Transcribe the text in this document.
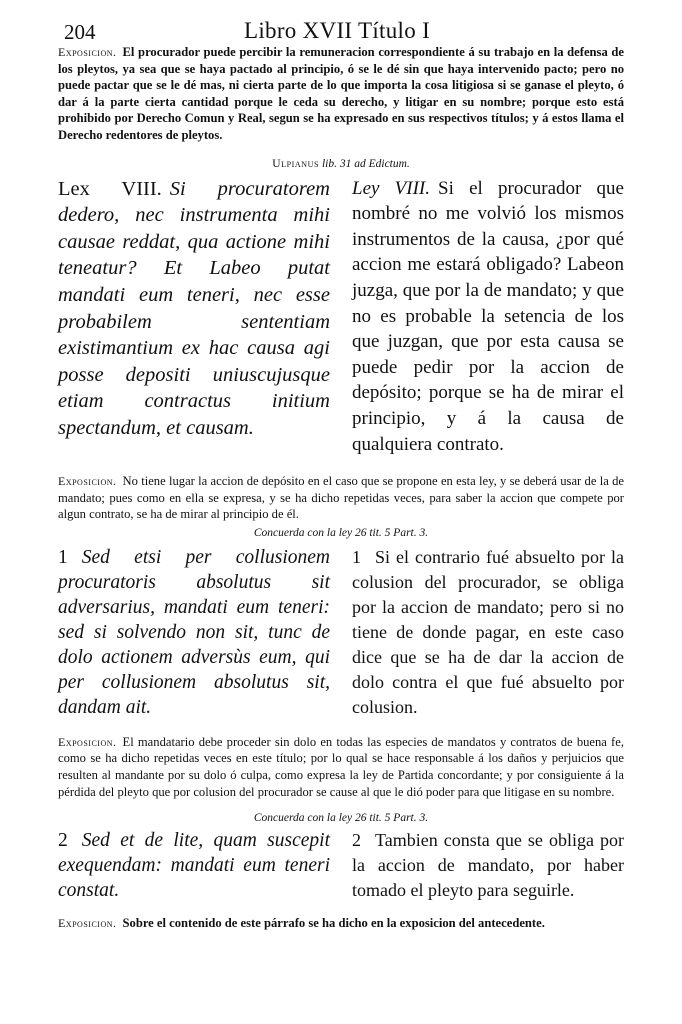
204	Libro XVII Título I

Exposicion. El procurador puede percibir la remuneracion correspondiente á su trabajo en la defensa de los pleytos, ya sea que se haya pactado al principio, ó se le dé sin que haya intervenido pacto; pero no puede pactar que se le dé mas, ni cierta parte de lo que importa la cosa litigiosa si se ganase el pleyto, ó dar á la parte cierta cantidad porque le ceda su derecho, y litigar en su nombre; porque esto está prohibido por Derecho Comun y Real, segun se ha expresado en sus respectivos títulos; y á estos llama el Derecho redentores de pleytos.

Ulpianus lib. 31 ad Edictum.

Lex VIII. Si procuratorem dedero, nec instrumenta mihi causae reddat, qua actione mihi teneatur? Et Labeo putat mandati eum teneri, nec esse probabilem sententiam existimantium ex hac causa agi posse depositi uniuscujusque etiam contractus initium spectandum, et causam.
Ley VIII. Si el procurador que nombré no me volvió los mismos instrumentos de la causa, ¿por qué accion me estará obligado? Labeon juzga, que por la de mandato; y que no es probable la setencia de los que juzgan, que por esta causa se puede pedir por la accion de depósito; porque se ha de mirar el principio, y á la causa de qualquiera contrato.

Exposicion. No tiene lugar la accion de depósito en el caso que se propone en esta ley, y se deberá usar de la de mandato; pues como en ella se expresa, y se ha dicho repetidas veces, para saber la accion que compete por algun contrato, se ha de mirar al principio de él.

Concuerda con la ley 26 tit. 5 Part. 3.

1 Sed etsi per collusionem procuratoris absolutus sit adversarius, mandati eum teneri: sed si solvendo non sit, tunc de dolo actionem adversùs eum, qui per collusionem absolutus sit, dandam ait.
1 Si el contrario fué absuelto por la colusion del procurador, se obliga por la accion de mandato; pero si no tiene de donde pagar, en este caso dice que se ha de dar la accion de dolo contra el que fué absuelto por colusion.

Exposicion. El mandatario debe proceder sin dolo en todas las especies de mandatos y contratos de buena fe, como se ha dicho repetidas veces en este título; por lo qual se hace responsable á los daños y perjuicios que resulten al mandante por su dolo ó culpa, como expresa la ley de Partida concordante; y por consiguiente á la pérdida del pleyto que por colusion del procurador se cause al que le dió poder para que litigase en su nombre.

Concuerda con la ley 26 tit. 5 Part. 3.

2 Sed et de lite, quam suscepit exequendam: mandati eum teneri constat.
2 Tambien consta que se obliga por la accion de mandato, por haber tomado el pleyto para seguirle.

Exposicion. Sobre el contenido de este párrafo se ha dicho en la exposicion del antecedente.
